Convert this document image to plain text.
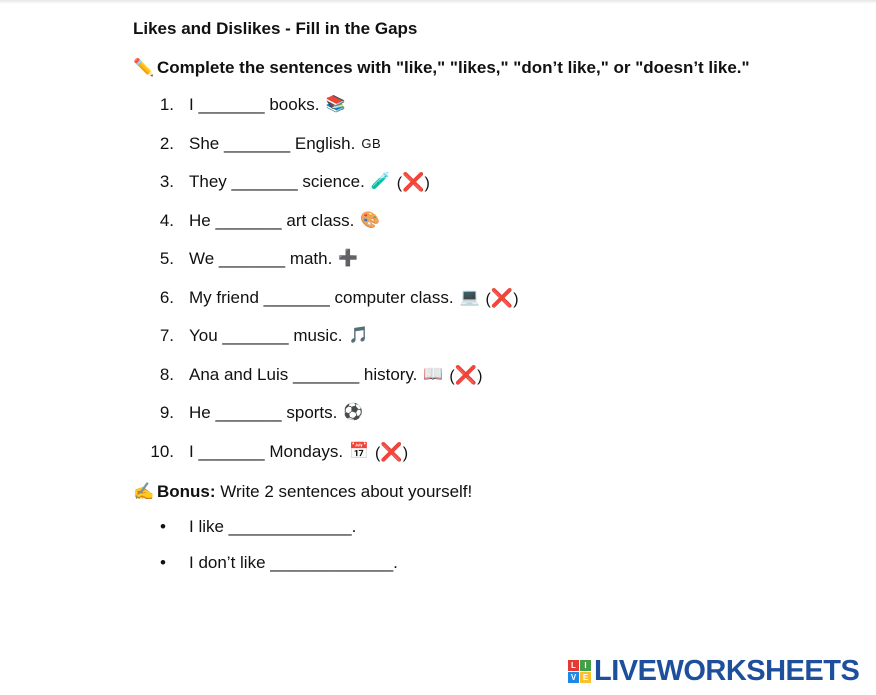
Likes and Dislikes - Fill in the Gaps
✏️ Complete the sentences with "like," "likes," "don’t like," or "doesn’t like."
1. I _______ books. 📚
2. She _______ English. GB
3. They _______ science. 🧪 (❌)
4. He _______ art class. 🎨
5. We _______ math. ➕
6. My friend _______ computer class. 💻 (❌)
7. You _______ music. 🎵
8. Ana and Luis _______ history. 📖 (❌)
9. He _______ sports. ⚽
10. I _______ Mondays. 📅 (❌)
✍️ Bonus: Write 2 sentences about yourself!
•	I like _____________.
•	I don’t like _____________.
L	I
V E LIVEWORKSHEETS
